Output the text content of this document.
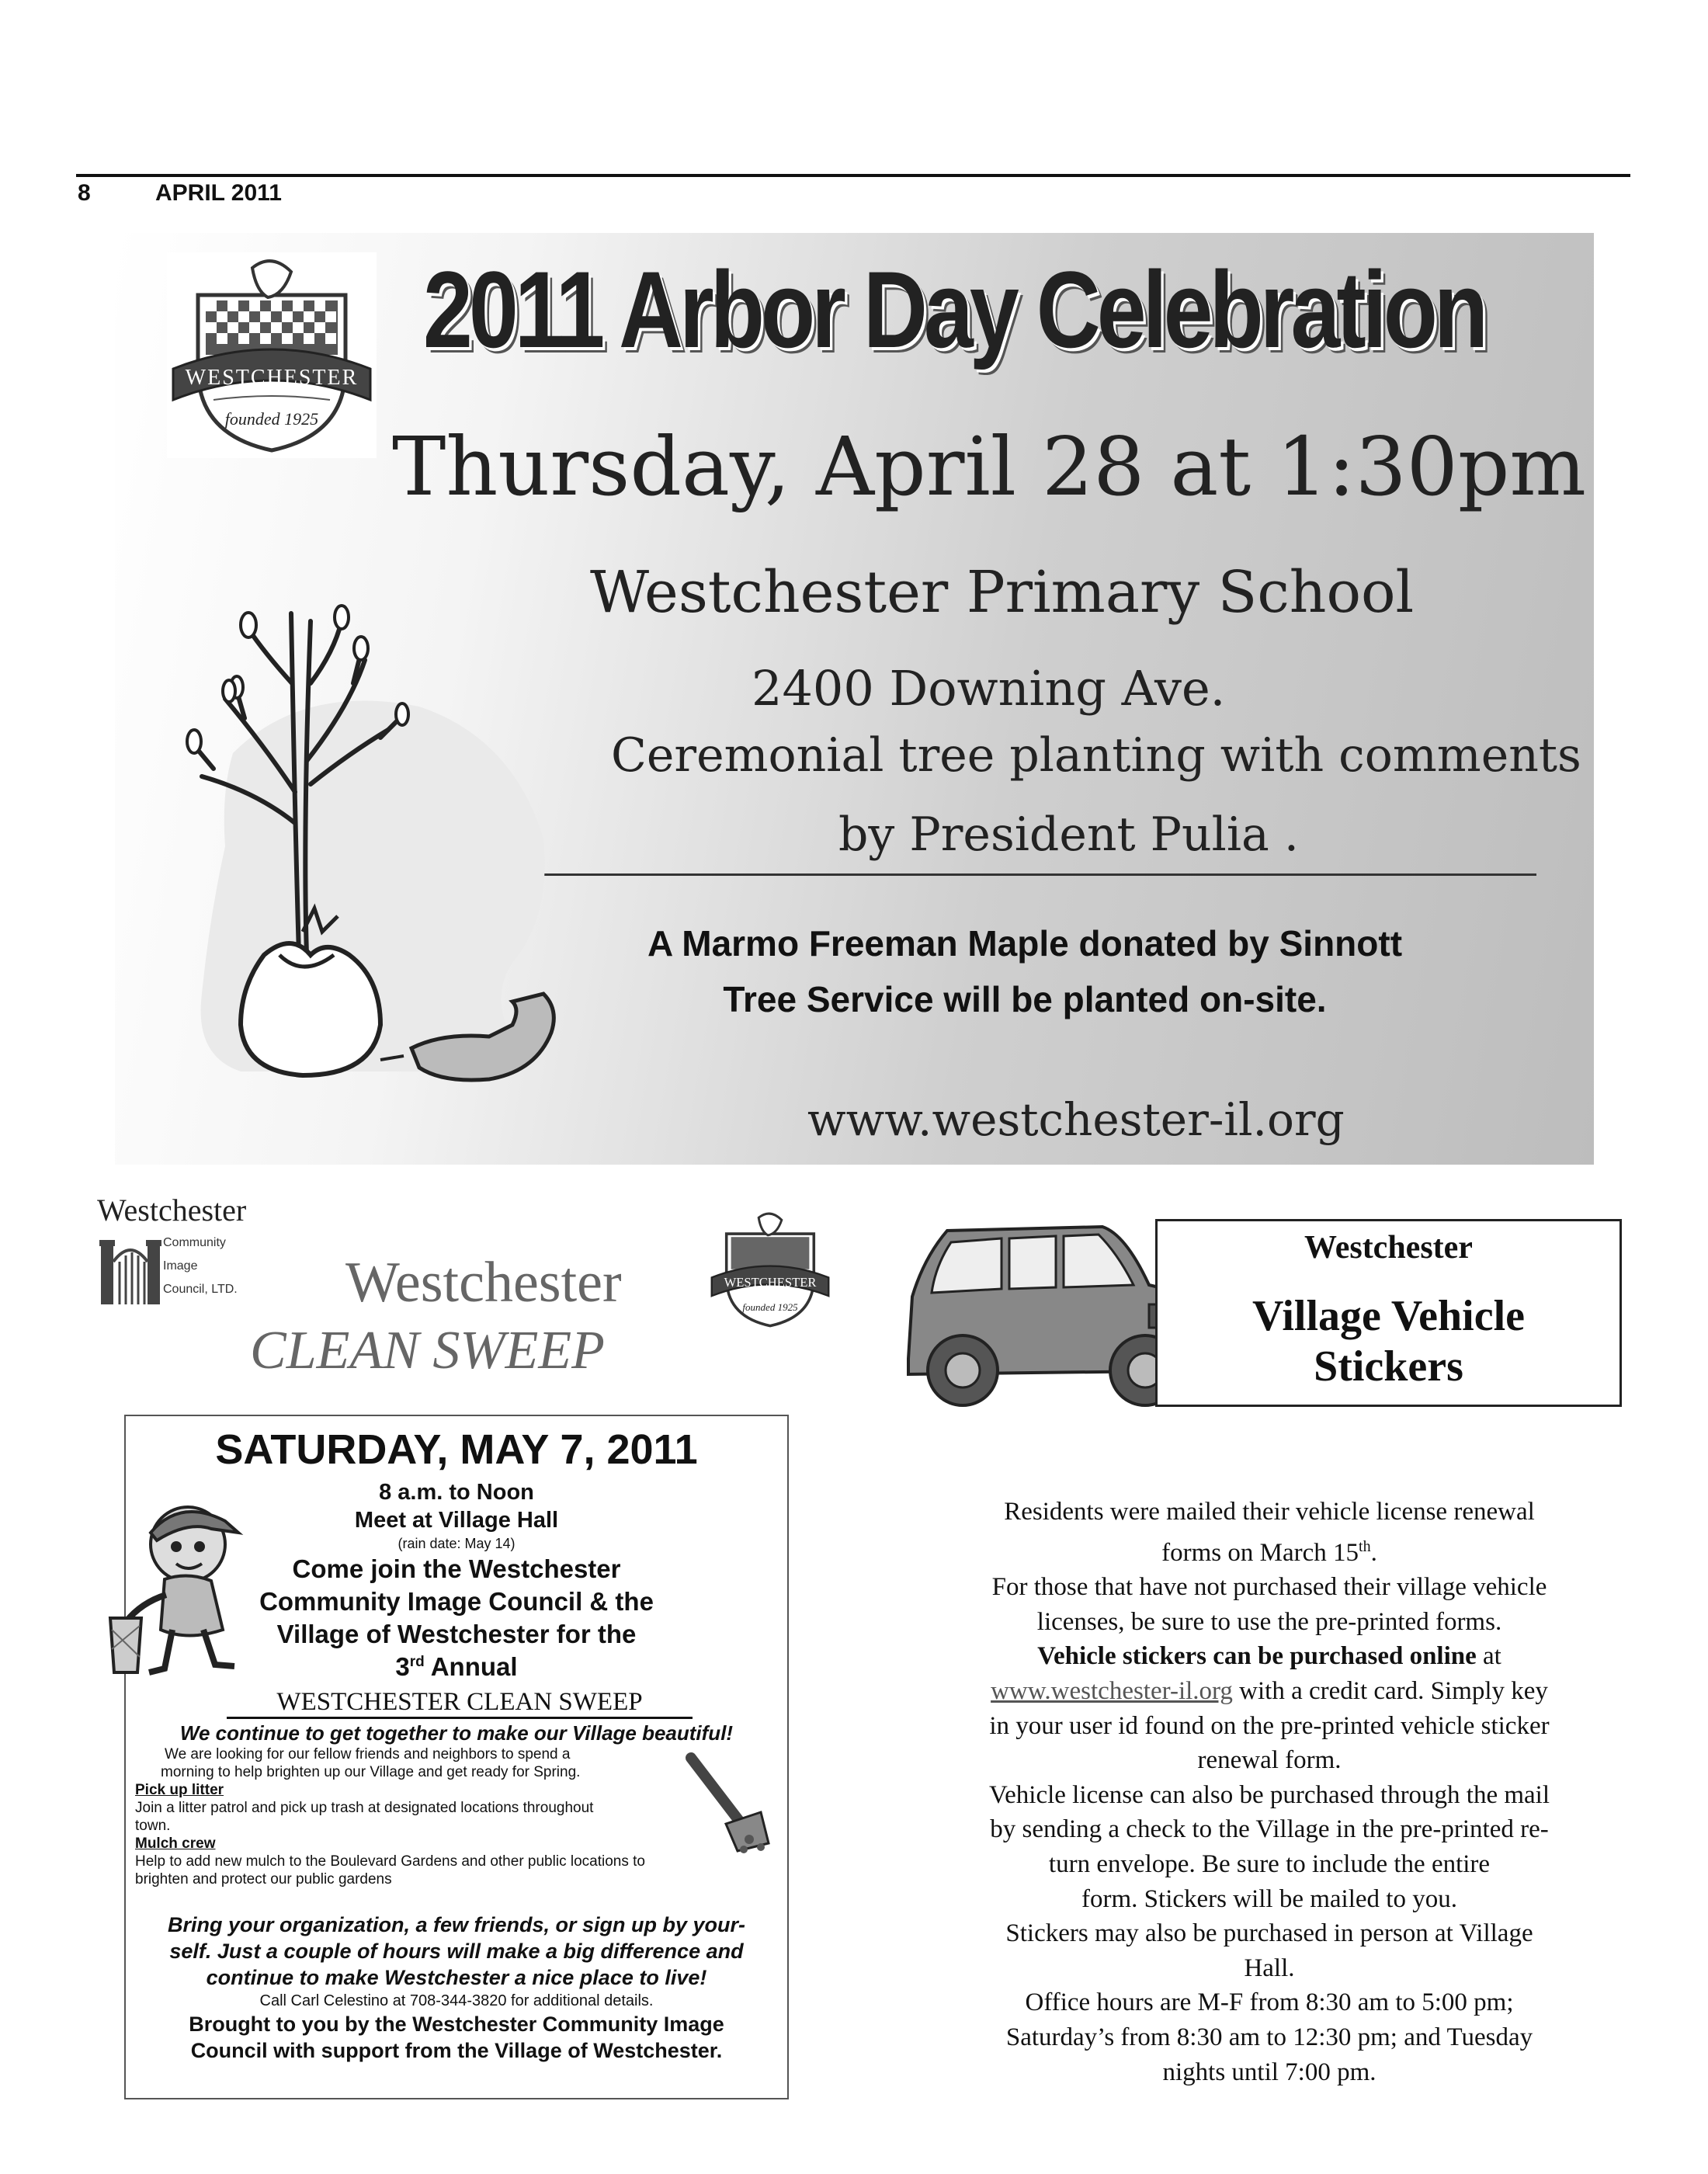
8	APRIL 2011
WESTCHESTER
founded 1925
2011 Arbor Day Celebration
Thursday, April 28 at 1:30pm
Westchester Primary School
2400 Downing Ave.
Ceremonial tree planting with comments
by President Pulia .
A Marmo Freeman Maple donated by Sinnott
Tree Service will be planted on-site.
www.westchester-il.org
Westchester
Community
Image
Council, LTD. Westchester
CLEAN SWEEP
WESTCHESTER
founded 1925
SATURDAY, MAY 7, 2011
8 a.m. to Noon
Meet at Village Hall
(rain date: May 14)
Come join the Westchester
Community Image Council & the
Village of Westchester for the
3rd Annual
WESTCHESTER CLEAN SWEEP
We continue to get together to make our Village beautiful!
We are looking for our fellow friends and neighbors to spend a
morning to help brighten up our Village and get ready for Spring.
Pick up litter
Join a litter patrol and pick up trash at designated locations throughout
town.
Mulch crew
Help to add new mulch to the Boulevard Gardens and other public locations to
brighten and protect our public gardens
Bring your organization, a few friends, or sign up by your-
self. Just a couple of hours will make a big difference and
continue to make Westchester a nice place to live!
Call Carl Celestino at 708-344-3820 for additional details.
Brought to you by the Westchester Community Image
Council with support from the Village of Westchester.
Westchester
Village Vehicle
Stickers

Residents were mailed their vehicle license renewal

forms on March 15th.

For those that have not purchased their village vehicle

licenses, be sure to use the pre-printed forms.

Vehicle stickers can be purchased online at

www.westchester-il.org with a credit card. Simply key

in your user id found on the pre-printed vehicle sticker

renewal form.

Vehicle license can also be purchased through the mail

by sending a check to the Village in the pre-printed re-

turn envelope. Be sure to include the entire

form. Stickers will be mailed to you.

Stickers may also be purchased in person at Village

Hall.

Office hours are M-F from 8:30 am to 5:00 pm;

Saturday’s from 8:30 am to 12:30 pm; and Tuesday

nights until 7:00 pm.
